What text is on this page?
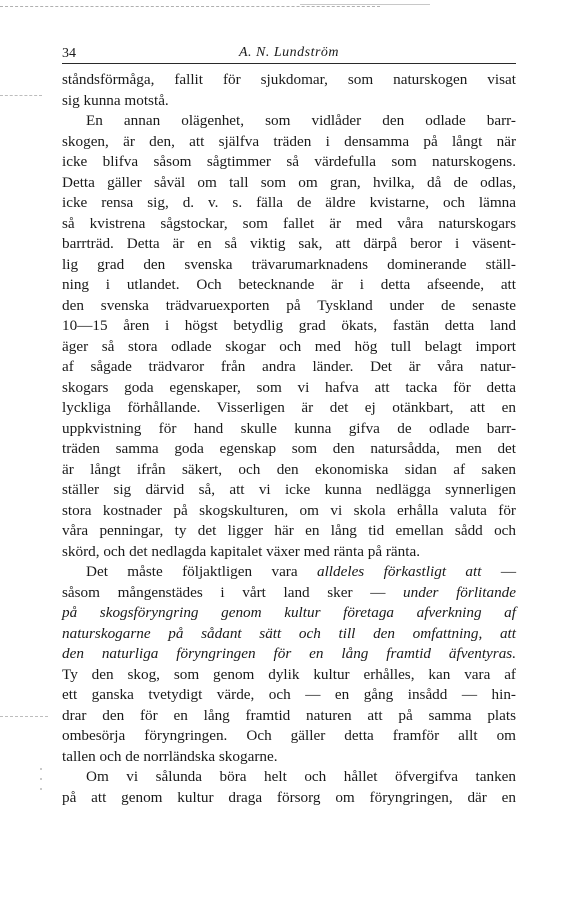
34	A. N. Lundström
ståndsförmåga, fallit för sjukdomar, som naturskogen visat
sig kunna motstå.
En annan olägenhet, som vidlåder den odlade barr-
skogen, är den, att själfva träden i densamma på långt när
icke blifva såsom sågtimmer så värdefulla som naturskogens.
Detta gäller såväl om tall som om gran, hvilka, då de odlas,
icke rensa sig, d. v. s. fälla de äldre kvistarne, och lämna
så kvistrena sågstockar, som fallet är med våra naturskogars
barrträd. Detta är en så viktig sak, att därpå beror i väsent-
lig grad den svenska trävarumarknadens dominerande ställ-
ning i utlandet. Och betecknande är i detta afseende, att
den svenska trädvaruexporten på Tyskland under de senaste
10—15 åren i högst betydlig grad ökats, fastän detta land
äger så stora odlade skogar och med hög tull belagt import
af sågade trädvaror från andra länder. Det är våra natur-
skogars goda egenskaper, som vi hafva att tacka för detta
lyckliga förhållande. Visserligen är det ej otänkbart, att en
uppkvistning för hand skulle kunna gifva de odlade barr-
träden samma goda egenskap som den natursådda, men det
är långt ifrån säkert, och den ekonomiska sidan af saken
ställer sig därvid så, att vi icke kunna nedlägga synnerligen
stora kostnader på skogskulturen, om vi skola erhålla valuta för
våra penningar, ty det ligger här en lång tid emellan sådd och
skörd, och det nedlagda kapitalet växer med ränta på ränta.
Det måste följaktligen vara alldeles förkastligt att —
såsom mångenstädes i vårt land sker — under förlitande
på skogsföryngring genom kultur företaga afverkning af
naturskogarne på sådant sätt och till den omfattning, att
den naturliga föryngringen för en lång framtid äfventyras.
Ty den skog, som genom dylik kultur erhålles, kan vara af
ett ganska tvetydigt värde, och — en gång insådd — hin-
drar den för en lång framtid naturen att på samma plats
ombesörja föryngringen. Och gäller detta framför allt om
tallen och de norrländska skogarne.
Om vi sålunda böra helt och hållet öfvergifva tanken
på att genom kultur draga försorg om föryngringen, där en
